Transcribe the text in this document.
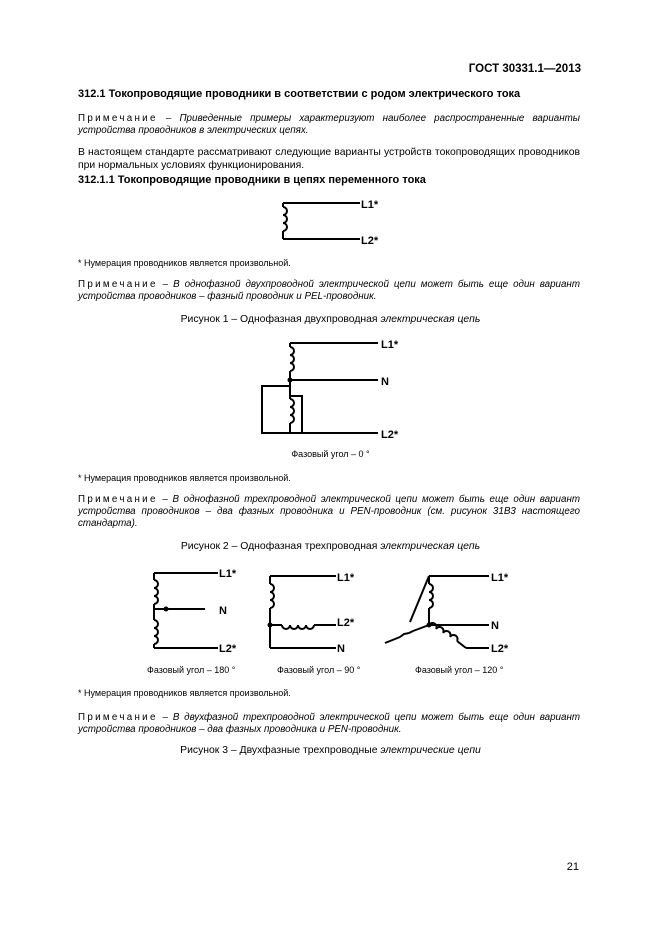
ГОСТ 30331.1—2013
312.1 Токопроводящие проводники в соответствии с родом электрического тока
Примечание – Приведенные примеры характеризуют наиболее распространенные варианты устройства проводников в электрических цепях.
В настоящем стандарте рассматривают следующие варианты устройств токопроводящих проводников при нормальных условиях функционирования.
312.1.1 Токопроводящие проводники в цепях переменного тока
L1*
L2*
* Нумерация проводников является произвольной.
Примечание – В однофазной двухпроводной электрической цепи может быть еще один вариант устройства проводников – фазный проводник и PEL-проводник.
Рисунок 1 – Однофазная двухпроводная электрическая цепь
L1*
N
L2*
Фазовый угол – 0 °
* Нумерация проводников является произвольной.
Примечание – В однофазной трехпроводной электрической цепи может быть еще один вариант устройства проводников – два фазных проводника и PEN-проводник (см. рисунок 31В3 настоящего стандарта).
Рисунок 2 – Однофазная трехпроводная электрическая цепь
L1*
N
L2*
L1*
L2*
N
L1*
N
L2*
Фазовый угол – 180 °	Фазовый угол – 90 °	Фазовый угол – 120 °
* Нумерация проводников является произвольной.
Примечание – В двухфазной трехпроводной электрической цепи может быть еще один вариант устройства проводников – два фазных проводника и PEN-проводник.
Рисунок 3 – Двухфазные трехпроводные электрические цепи
21
